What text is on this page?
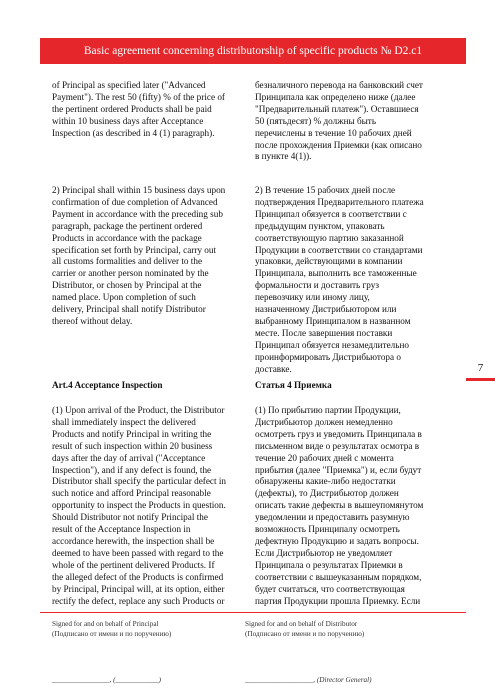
Basic agreement concerning distributorship of specific products № D2.c1

of Principal as specified later ("Advanced
Payment"). The rest 50 (fifty) % of the price of
the pertinent ordered Products shall be paid
within 10 business days after Acceptance
Inspection (as described in 4 (1) paragraph).

2) Principal shall within 15 business days upon
confirmation of due completion of Advanced
Payment in accordance with the preceding sub
paragraph, package the pertinent ordered
Products in accordance with the package
specification set forth by Principal, carry out
all customs formalities and deliver to the
carrier or another person nominated by the
Distributor, or chosen by Principal at the
named place. Upon completion of such
delivery, Principal shall notify Distributor
thereof without delay.

Art.4 Acceptance Inspection

(1) Upon arrival of the Product, the Distributor
shall immediately inspect the delivered
Products and notify Principal in writing the
result of such inspection within 20 business
days after the day of arrival ("Acceptance
Inspection"), and if any defect is found, the
Distributor shall specify the particular defect in
such notice and afford Principal reasonable
opportunity to inspect the Products in question.
Should Distributor not notify Principal the
result of the Acceptance Inspection in
accordance herewith, the inspection shall be
deemed to have been passed with regard to the
whole of the pertinent delivered Products. If
the alleged defect of the Products is confirmed
by Principal, Principal will, at its option, either
rectify the defect, replace any such Products or

безналичного перевода на банковский счет
Принципала как определено ниже (далее
"Предварительный платеж"). Оставшиеся
50 (пятьдесят) % должны быть
перечислены в течение 10 рабочих дней
после прохождения Приемки (как описано
в пункте 4(1)).

2) В течение 15 рабочих дней после
подтверждения Предварительного платежа
Принципал обязуется в соответствии с
предыдущим пунктом, упаковать
соответствующую партию заказанной
Продукции в соответствии со стандартами
упаковки, действующими в компании
Принципала, выполнить все таможенные
формальности и доставить груз
перевозчику или иному лицу,
назначенному Дистрибьютором или
выбранному Принципалом в названном
месте. После завершения поставки
Принципал обязуется незамедлительно
проинформировать Дистрибьютора о
доставке.

Статья 4 Приемка

(1) По прибытию партии Продукции,
Дистрибьютор должен немедленно
осмотреть груз и уведомить Принципала в
письменном виде о результатах осмотра в
течение 20 рабочих дней с момента
прибытия (далее "Приемка") и, если будут
обнаружены какие-либо недостатки
(дефекты), то Дистрибьютор должен
описать такие дефекты в вышеупомянутом
уведомлении и предоставить разумную
возможность Принципалу осмотреть
дефектную Продукцию и задать вопросы.
Если Дистрибьютор не уведомляет
Принципала о результатах Приемки в
соответствии с вышеуказанным порядком,
будет считаться, что соответствующая
партия Продукции прошла Приемку. Если

7
Signed for and on behalf of Principal
(Подписано от имени и по поручению)
Signed for and on behalf of Distributor
(Подписано от имени и по поручению)
________________, (____________)	___________________, (Director General)
